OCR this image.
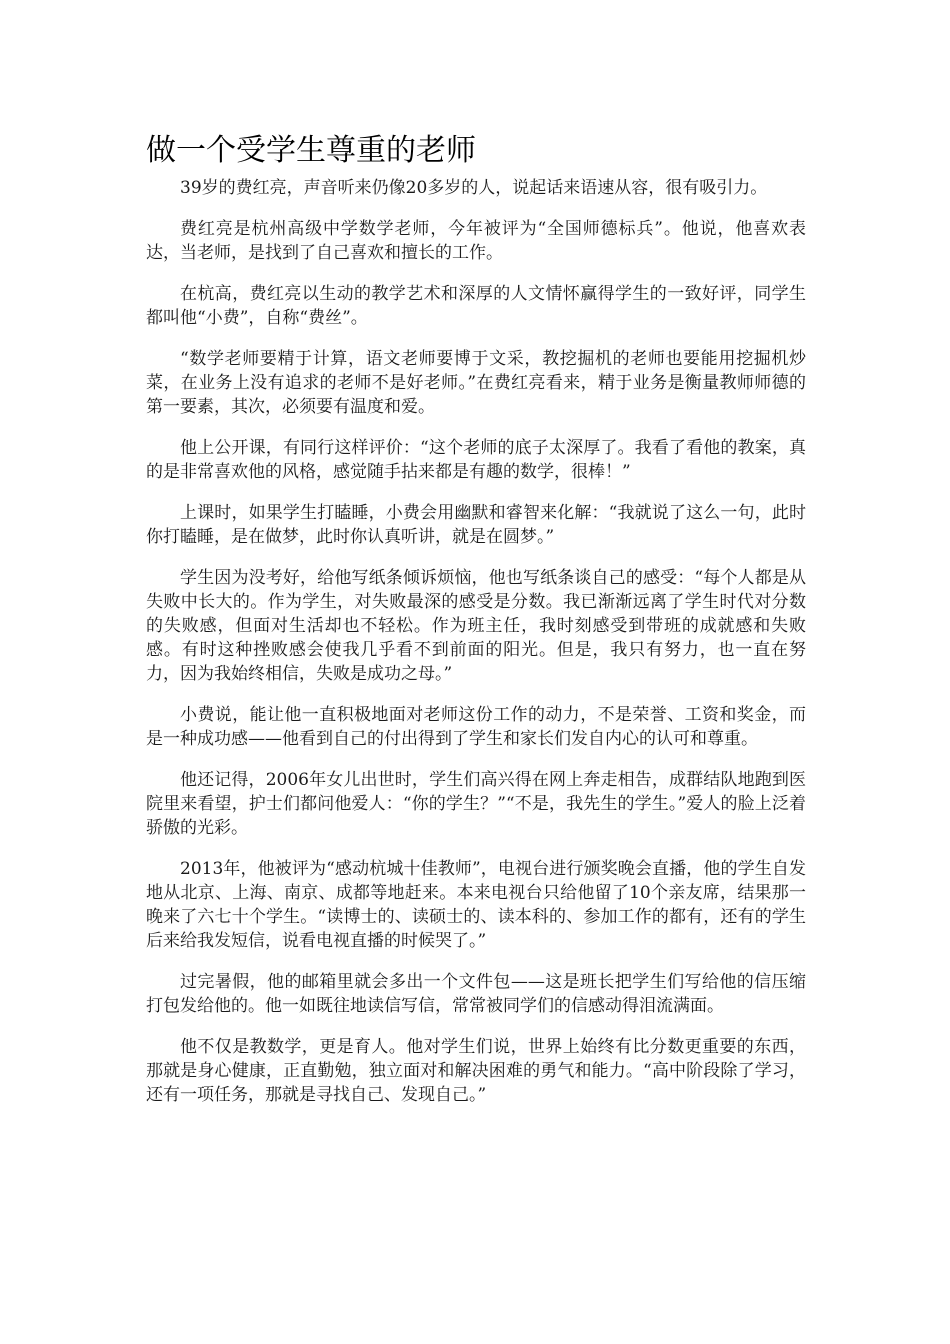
做一个受学生尊重的老师

39岁的费红亮，声音听来仍像20多岁的人，说起话来语速从容，很有吸引力。

费红亮是杭州高级中学数学老师，今年被评为“全国师德标兵”。他说，他喜欢表达，当老师，是找到了自己喜欢和擅长的工作。

在杭高，费红亮以生动的教学艺术和深厚的人文情怀赢得学生的一致好评，同学生都叫他“小费”，自称“费丝”。

“数学老师要精于计算，语文老师要博于文采，教挖掘机的老师也要能用挖掘机炒菜，在业务上没有追求的老师不是好老师。”在费红亮看来，精于业务是衡量教师师德的第一要素，其次，必须要有温度和爱。

他上公开课，有同行这样评价：“这个老师的底子太深厚了。我看了看他的教案，真的是非常喜欢他的风格，感觉随手拈来都是有趣的数学，很棒！”

上课时，如果学生打瞌睡，小费会用幽默和睿智来化解：“我就说了这么一句，此时你打瞌睡，是在做梦，此时你认真听讲，就是在圆梦。”

学生因为没考好，给他写纸条倾诉烦恼，他也写纸条谈自己的感受：“每个人都是从失败中长大的。作为学生，对失败最深的感受是分数。我已渐渐远离了学生时代对分数的失败感，但面对生活却也不轻松。作为班主任，我时刻感受到带班的成就感和失败感。有时这种挫败感会使我几乎看不到前面的阳光。但是，我只有努力，也一直在努力，因为我始终相信，失败是成功之母。”

小费说，能让他一直积极地面对老师这份工作的动力，不是荣誉、工资和奖金，而是一种成功感——他看到自己的付出得到了学生和家长们发自内心的认可和尊重。

他还记得，2006年女儿出世时，学生们高兴得在网上奔走相告，成群结队地跑到医院里来看望，护士们都问他爱人：“你的学生？”“不是，我先生的学生。”爱人的脸上泛着骄傲的光彩。

2013年，他被评为“感动杭城十佳教师”，电视台进行颁奖晚会直播，他的学生自发地从北京、上海、南京、成都等地赶来。本来电视台只给他留了10个亲友席，结果那一晚来了六七十个学生。“读博士的、读硕士的、读本科的、参加工作的都有，还有的学生后来给我发短信，说看电视直播的时候哭了。”

过完暑假，他的邮箱里就会多出一个文件包——这是班长把学生们写给他的信压缩打包发给他的。他一如既往地读信写信，常常被同学们的信感动得泪流满面。

他不仅是教数学，更是育人。他对学生们说，世界上始终有比分数更重要的东西，那就是身心健康，正直勤勉，独立面对和解决困难的勇气和能力。“高中阶段除了学习，还有一项任务，那就是寻找自己、发现自己。”
